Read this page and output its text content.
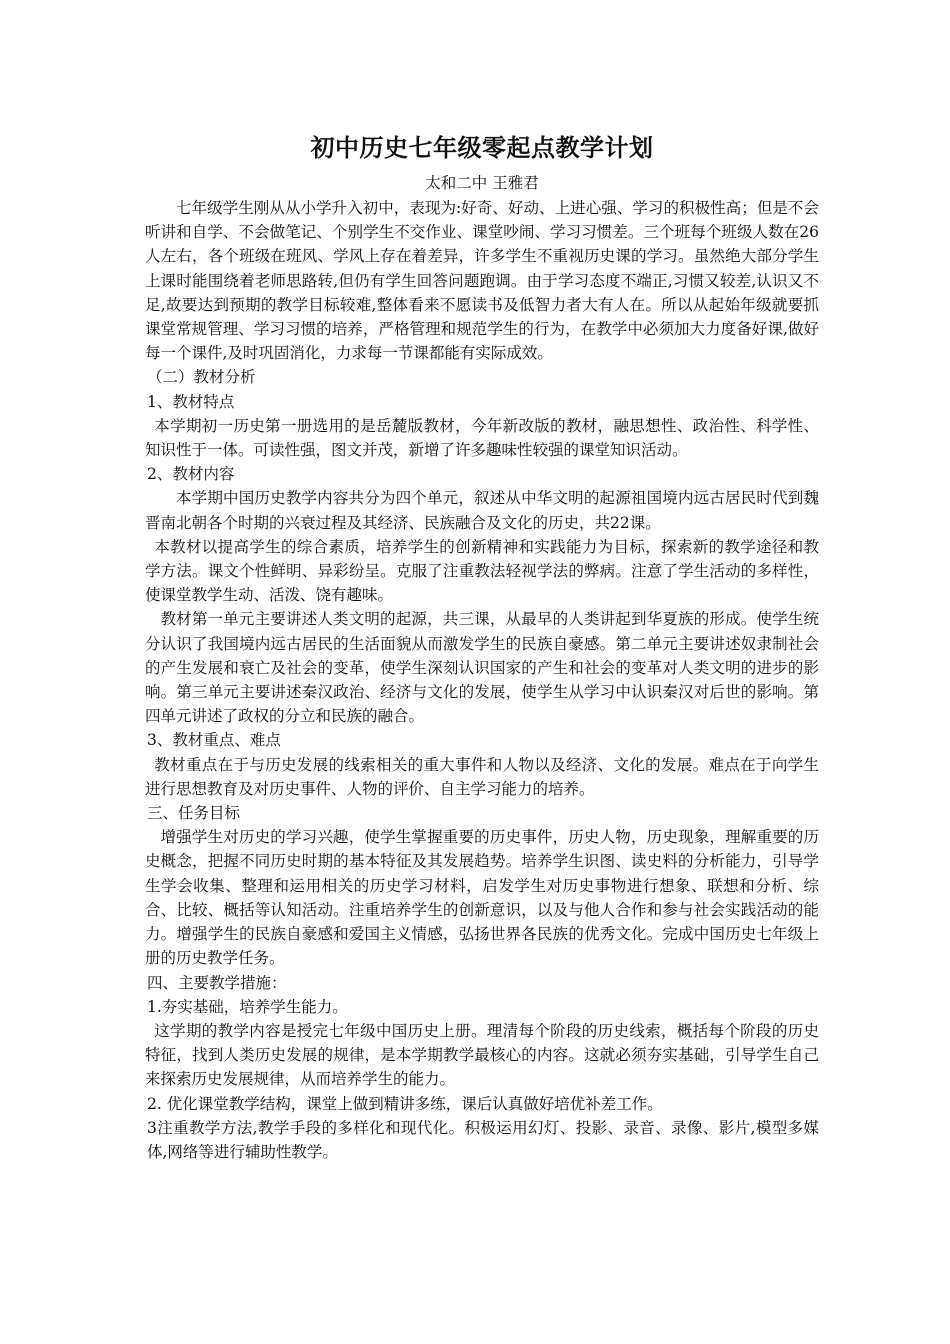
初中历史七年级零起点教学计划

太和二中 王雅君

七年级学生刚从从小学升入初中，表现为:好奇、好动、上进心强、学习的积极性高；但是不会听讲和自学、不会做笔记、个别学生不交作业、课堂吵闹、学习习惯差。三个班每个班级人数在26人左右，各个班级在班风、学风上存在着差异，许多学生不重视历史课的学习。虽然绝大部分学生上课时能围绕着老师思路转,但仍有学生回答问题跑调。由于学习态度不端正,习惯又较差,认识又不足,故要达到预期的教学目标较难,整体看来不愿读书及低智力者大有人在。所以从起始年级就要抓课堂常规管理、学习习惯的培养，严格管理和规范学生的行为，在教学中必须加大力度备好课,做好每一个课件,及时巩固消化，力求每一节课都能有实际成效。

（二）教材分析

1、教材特点

本学期初一历史第一册选用的是岳麓版教材，今年新改版的教材，融思想性、政治性、科学性、知识性于一体。可读性强，图文并茂，新增了许多趣味性较强的课堂知识活动。

2、教材内容

本学期中国历史教学内容共分为四个单元，叙述从中华文明的起源祖国境内远古居民时代到魏晋南北朝各个时期的兴衰过程及其经济、民族融合及文化的历史，共22课。

本教材以提高学生的综合素质，培养学生的创新精神和实践能力为目标，探索新的教学途径和教学方法。课文个性鲜明、异彩纷呈。克服了注重教法轻视学法的弊病。注意了学生活动的多样性，使课堂教学生动、活泼、饶有趣味。

教材第一单元主要讲述人类文明的起源，共三课，从最早的人类讲起到华夏族的形成。使学生统分认识了我国境内远古居民的生活面貌从而激发学生的民族自豪感。第二单元主要讲述奴隶制社会的产生发展和衰亡及社会的变革，使学生深刻认识国家的产生和社会的变革对人类文明的进步的影响。第三单元主要讲述秦汉政治、经济与文化的发展，使学生从学习中认识秦汉对后世的影响。第四单元讲述了政权的分立和民族的融合。

3、教材重点、难点

教材重点在于与历史发展的线索相关的重大事件和人物以及经济、文化的发展。难点在于向学生进行思想教育及对历史事件、人物的评价、自主学习能力的培养。

三、任务目标

增强学生对历史的学习兴趣，使学生掌握重要的历史事件，历史人物，历史现象，理解重要的历史概念，把握不同历史时期的基本特征及其发展趋势。培养学生识图、读史料的分析能力，引导学生学会收集、整理和运用相关的历史学习材料，启发学生对历史事物进行想象、联想和分析、综合、比较、概括等认知活动。注重培养学生的创新意识，以及与他人合作和参与社会实践活动的能力。增强学生的民族自豪感和爱国主义情感，弘扬世界各民族的优秀文化。完成中国历史七年级上册的历史教学任务。

四、主要教学措施：

1.夯实基础，培养学生能力。

这学期的教学内容是授完七年级中国历史上册。理清每个阶段的历史线索，概括每个阶段的历史特征，找到人类历史发展的规律，是本学期教学最核心的内容。这就必须夯实基础，引导学生自己来探索历史发展规律，从而培养学生的能力。

2. 优化课堂教学结构，课堂上做到精讲多练，课后认真做好培优补差工作。

3注重教学方法,教学手段的多样化和现代化。积极运用幻灯、投影、录音、录像、影片,模型多媒体,网络等进行辅助性教学。
